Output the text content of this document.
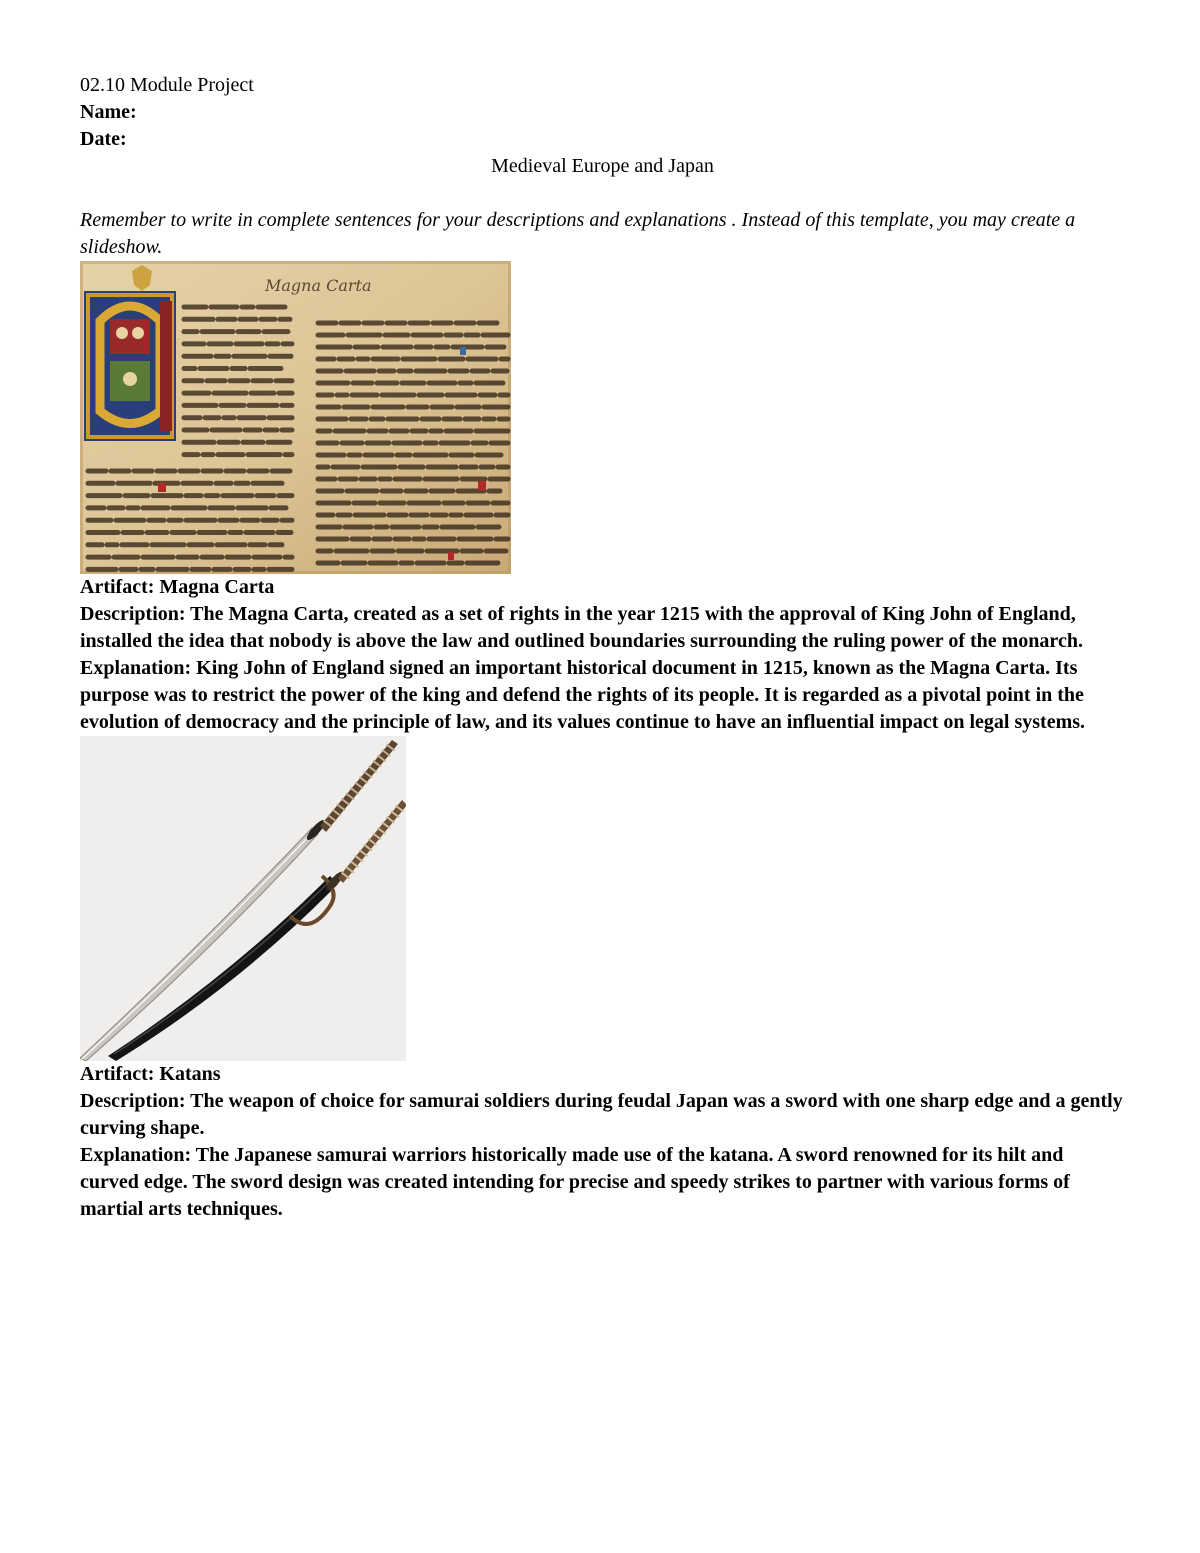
02.10 Module Project

Name:

Date:

Medieval Europe and Japan

Remember to write in complete sentences for your descriptions and explanations . Instead of this template, you may create a slideshow.

Magna Carta

Artifact: Magna Carta

Description: The Magna Carta, created as a set of rights in the year 1215 with the approval of King John of England, installed the idea that nobody is above the law and outlined boundaries surrounding the ruling power of the monarch.

Explanation: King John of England signed an important historical document in 1215, known as the Magna Carta. Its purpose was to restrict the power of the king and defend the rights of its people. It is regarded as a pivotal point in the evolution of democracy and the principle of law, and its values continue to have an influential impact on legal systems.

Artifact: Katans

Description: The weapon of choice for samurai soldiers during feudal Japan was a sword with one sharp edge and a gently curving shape.

Explanation: The Japanese samurai warriors historically made use of the katana. A sword renowned for its hilt and curved edge. The sword design was created intending for precise and speedy strikes to partner with various forms of martial arts techniques.
